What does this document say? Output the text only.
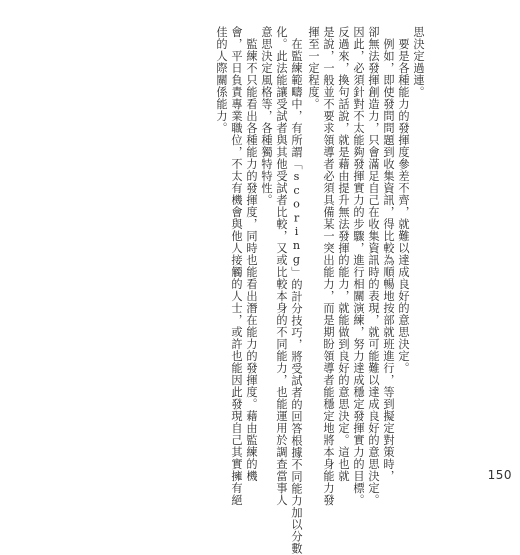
思決定過連。
要是各種能力的發揮度參差不齊，就難以達成良好的意思決定。
例如，即使發問問題到收集資訊，得比較為順暢地按部就班進行，等到擬定對策時，
卻無法發揮創造力，只會滿足自己在收集資訊時的表現，就可能難以達成良好的意思決定。
因此，必須針對不太能夠發揮實力的步驟，進行相關演練，努力達成穩定發揮實力的目標。
反過來，換句話說，就是藉由提升無法發揮的能力，就能做到良好的意思決定。這也就
是說，一般並不要求領導者必須具備某一突出能力，而是期盼領導者能穩定地將本身能力發
揮至一定程度。
在監練範疇中，有所謂「scoring」的計分技巧，將受試者的回答根據不同能力加以分數
化。此法能讓受試者與其他受試者比較，又或比較本身的不同能力，也能運用於調查當事人
意思決定風格等，各種獨特特性。
監練不只能看出各種能力的發揮度，同時也能看出潛在能力的發揮度。藉由監練的機
會，平日負責專業職位，不太有機會與他人接觸的人士，或許也能因此發現自己其實擁有絕
佳的人際關係能力。
150
